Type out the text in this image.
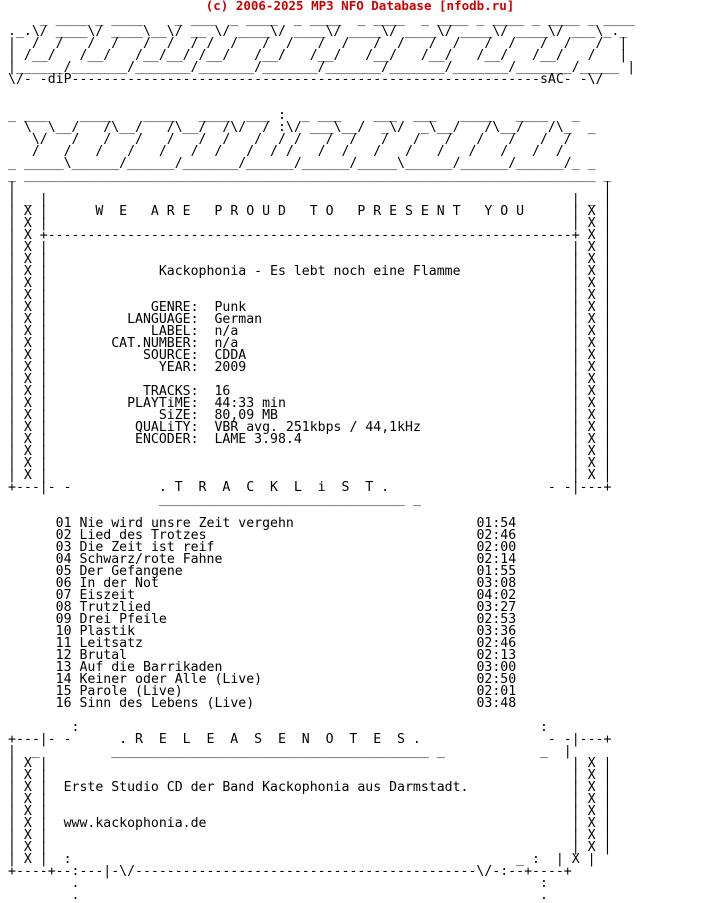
(c) 2006-2025 MP3 NFO Database [nfodb.ru]
_ ____ _ ____    _ ___  _ ____  _ ____  _ ____  _ ____ _ ____ _ ____ _ ____
._.\/ ____\/ ____\__\/ __ \/ ____\/ ____\/ ____\/ ____\/ ____\/ ____\/ ___\_._
|  /  /   /  /   /  /  / /  /   /  /   /  /   /  /   /  /   /  /   /  /   /  |
| /__/   /__/   /__/__/ /__/   /__/   /__/   /__/   /__/   /__/   /__/   /   |
|______/_______/_______/_______/_______/_______/_______/_______/_______/_____ |
\/- -diP-----------------------------------------------------------sAC- -\/

_ ___    ____    ____   ____  ___ :  _ ___    ___  ___   ____   ____   _
\  \__/   /\__/   /\__/  /\/  / :\/ ___\__/  _\/  _\__/   /\__/   /\_  _
\/   /   /   /   /   /  /   /  / /   /  /   /   /   /   /   /   /  /
/   /   /   /   /   /  /   /  / /   /  /   /   /   /   /   /   /  /
_ _____\______/______/_______/______/______/_____\______/______/______/_ _
_ ________________________________________________________________________ _
|                                                                          |
| _ |                                                                  | _ |
| X |      W  E   A R E   P R O U D   T O   P R E S E N T   Y O U      | X |
| X |                                                                  | X |
| X +------------------------------------------------------------------+ X |
| X |                                                                  | X |
| X |                                                                  | X |
| X |              Kackophonia - Es lebt noch eine Flamme              | X |
| X |                                                                  | X |
| X |                                                                  | X |
| X |             GENRE: Punk                                         | X |
| X |          LANGUAGE: German                                       | X |
| X |             LABEL: n/a                                          | X |
| X |        CAT.NUMBER: n/a                                          | X |
| X |            SOURCE: CDDA                                         | X |
| X |              YEAR: 2009                                         | X |
| X |                                                                  | X |
| X |            TRACKS: 16                                           | X |
| X |          PLAYTiME: 44:33 min                                    | X |
| X |              SiZE: 80,09 MB                                     | X |
| X |           QUALiTY: VBR avg. 251kbps / 44,1kHz                   | X |
| X |           ENCODER: LAME 3.98.4                                  | X |
| X |                                                                  | X |
| X |                                                                  | X |
| X |                                                                  | X |
+---|- -           . T  R  A  C  K  L  i  S  T .                    - -|---+
_______________________________ _

01 Nie wird unsre Zeit vergehn	01:54
02 Lied des Trotzes	02:46
03 Die Zeit ist reif	02:00
04 Schwarz/rote Fahne	02:14
05 Der Gefangene	01:55
06 In der Not	03:08
07 Eiszeit	04:02
08 Trutzlied	03:27
09 Drei Pfeile	02:53
10 Plastik	03:36
11 Leitsatz	02:46
12 Brutal	02:13
13 Auf die Barrikaden	03:00
14 Keiner oder Alle (Live)	02:50
15 Parole (Live)	02:01
16 Sinn des Lebens (Live)	03:48

:                                                          :
+---|- -      . R  E  L  E  A  S  E  N  O  T  E  S .                - -|---+
|  _         ________________________________________ _            _  |
| X |                                                                  | X |
| X |                                                                  | X |
| X |  Erste Studio CD der Band Kackophonia aus Darmstadt.             | X |
| X |                                                                  | X |
| X |                                                                  | X |
| X |  www.kackophonia.de                                              | X |
| X |                                                                  | X |
| X |                                                                  | X |
| X |  :                                                        _ :  | X |
+----+--:---|-\/-------------------------------------------\/-:--+----+
.                                                          :
.                                                          .
